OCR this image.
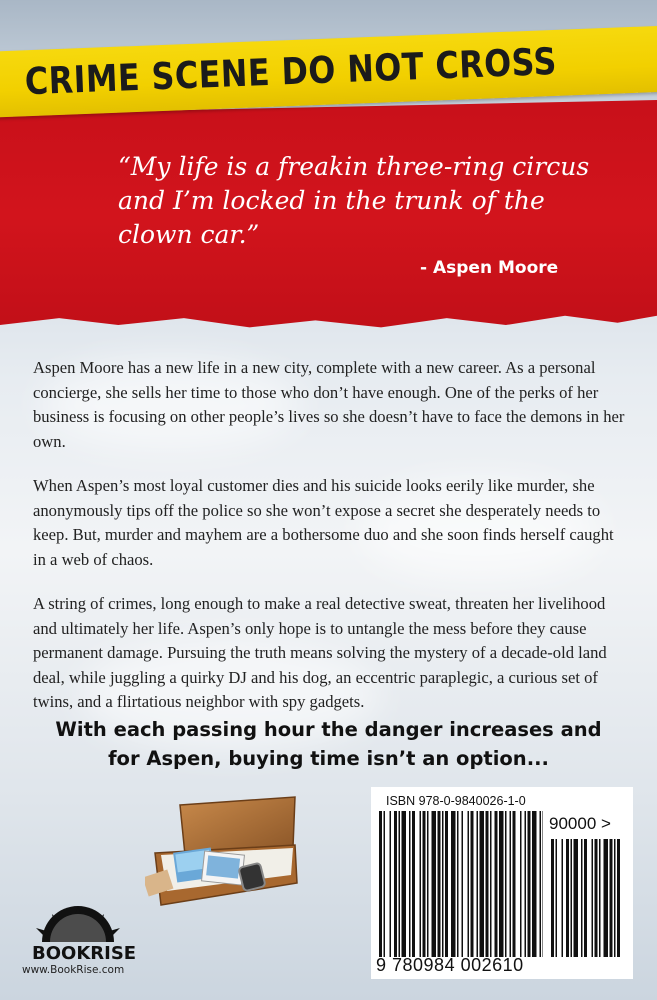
CRIME SCENE DO NOT CROSS

“My life is a freakin three-ring circus and I’m locked in the trunk of the clown car.”

- Aspen Moore

Aspen Moore has a new life in a new city, complete with a new career. As a personal concierge, she sells her time to those who don’t have enough. One of the perks of her business is focusing on other people’s lives so she doesn’t have to face the demons in her own.

When Aspen’s most loyal customer dies and his suicide looks eerily like murder, she anonymously tips off the police so she won’t expose a secret she desperately needs to keep. But, murder and mayhem are a bothersome duo and she soon finds herself caught in a web of chaos.

A string of crimes, long enough to make a real detective sweat, threaten her livelihood and ultimately her life. Aspen’s only hope is to untangle the mess before they cause permanent damage. Pursuing the truth means solving the mystery of a decade-old land deal, while juggling a quirky DJ and his dog, an eccentric paraplegic, a curious set of twins, and a flirtatious neighbor with spy gadgets.

With each passing hour the danger increases and
for Aspen, buying time isn’t an option...
ISBN 978-0-9840026-1-0
90000 >
9 780984 002610
BOOKRISE
www.BookRise.com
